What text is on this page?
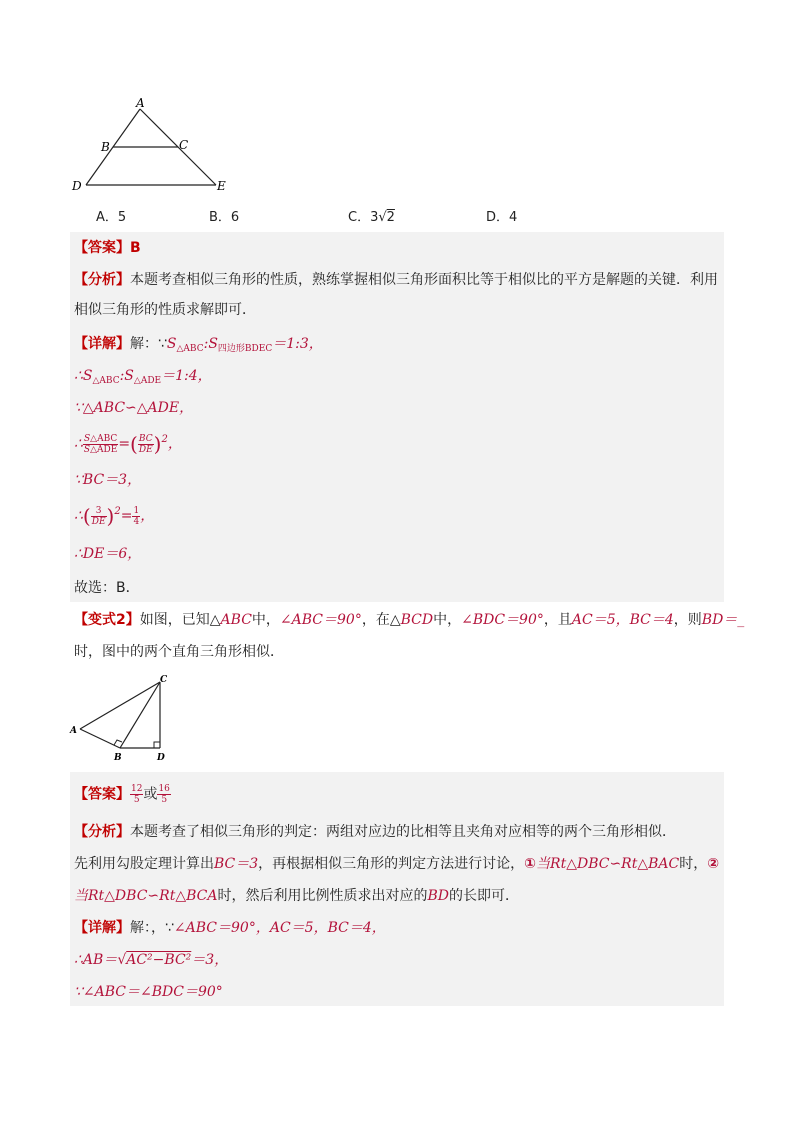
A
B	C
D	E
A．5	B．6	C．3√2	D．4
【答案】B
【分析】本题考查相似三角形的性质，熟练掌握相似三角形面积比等于相似比的平方是解题的关键．利用
相似三角形的性质求解即可．
【详解】解：$\because S_{\triangle ABC}:S_{四边形BDEC}=1:3$，
$\therefore S_{\triangle ABC}:S_{\triangle ADE}=1:4$，
∵△ABC∽△ADE，
∴ $\frac{\text{S△ABC}}{\text{S△ADE}}$ =( $\frac{BC}{DE} )^2$，
∵BC＝3，
∴( $\frac{3}{DE} )^2= \frac{1}{4}$ ，
∴DE＝6，
故选：B．
【变式2】如图，已知△ABC中，∠ABC＝90°，在△BCD中，∠BDC＝90°，且AC＝5，BC＝4，则BD＝_
时，图中的两个直角三角形相似．
A
B
C
D
【答案】 $\frac{12}{5}$ 或 $\frac{16}{5}$
【分析】本题考查了相似三角形的判定：两组对应边的比相等且夹角对应相等的两个三角形相似．
先利用勾股定理计算出BC＝3，再根据相似三角形的判定方法进行讨论，①当Rt△DBC∽Rt△BAC时，②
当Rt△DBC∽Rt△BCA时，然后利用比例性质求出对应的BD的长即可．
【详解】解：，∵∠ABC＝90°，AC＝5，BC＝4，
∴AB＝√AC²−BC²＝3，
∵∠ABC＝∠BDC＝90°
